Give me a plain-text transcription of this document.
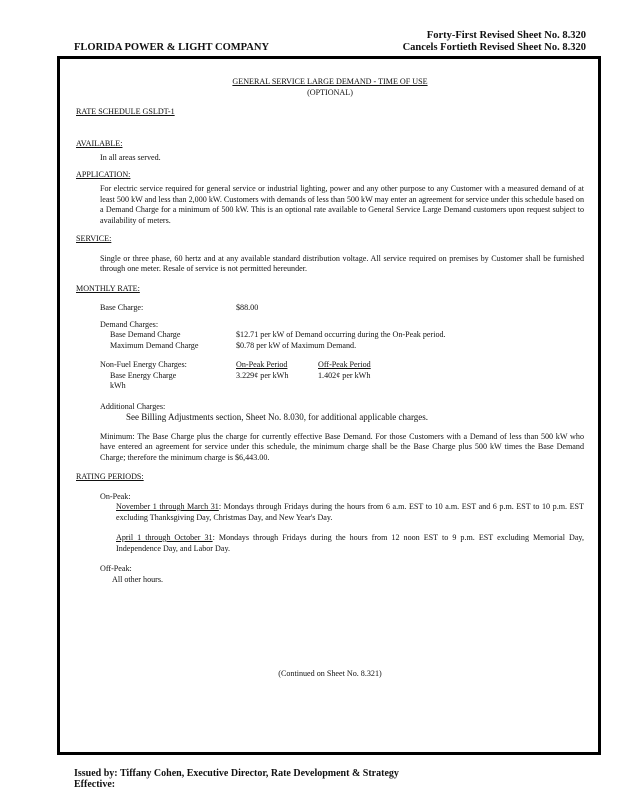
Forty-First Revised Sheet No. 8.320
Cancels Fortieth Revised Sheet No. 8.320
FLORIDA POWER & LIGHT COMPANY
GENERAL SERVICE LARGE DEMAND - TIME OF USE
(OPTIONAL)
RATE SCHEDULE GSLDT-1
AVAILABLE:

In all areas served.

APPLICATION:

For electric service required for general service or industrial lighting, power and any other purpose to any Customer with a measured demand of at least 500 kW and less than 2,000 kW. Customers with demands of less than 500 kW may enter an agreement for service under this schedule based on a Demand Charge for a minimum of 500 kW. This is an optional rate available to General Service Large Demand customers upon request subject to availability of meters.

SERVICE:

Single or three phase, 60 hertz and at any available standard distribution voltage. All service required on premises by Customer shall be furnished through one meter. Resale of service is not permitted hereunder.

MONTHLY RATE:
Base Charge:	$88.00
Demand Charges:
Base Demand Charge	$12.71 per kW of Demand occurring during the On-Peak period.
Maximum Demand Charge	$0.78 per kW of Maximum Demand.
Non-Fuel Energy Charges:	On-Peak Period	Off-Peak Period
Base Energy Charge	3.229¢ per kWh	1.402¢ per kWh
kWh
Additional Charges:
See Billing Adjustments section, Sheet No. 8.030, for additional applicable charges.

Minimum: The Base Charge plus the charge for currently effective Base Demand. For those Customers with a Demand of less than 500 kW who have entered an agreement for service under this schedule, the minimum charge shall be the Base Charge plus 500 kW times the Base Demand Charge; therefore the minimum charge is $6,443.00.

RATING PERIODS:
On-Peak:

November 1 through March 31: Mondays through Fridays during the hours from 6 a.m. EST to 10 a.m. EST and 6 p.m. EST to 10 p.m. EST excluding Thanksgiving Day, Christmas Day, and New Year's Day.

April 1 through October 31: Mondays through Fridays during the hours from 12 noon EST to 9 p.m. EST excluding Memorial Day, Independence Day, and Labor Day.

Off-Peak:
All other hours.
(Continued on Sheet No. 8.321)
Issued by: Tiffany Cohen, Executive Director, Rate Development & Strategy
Effective:
